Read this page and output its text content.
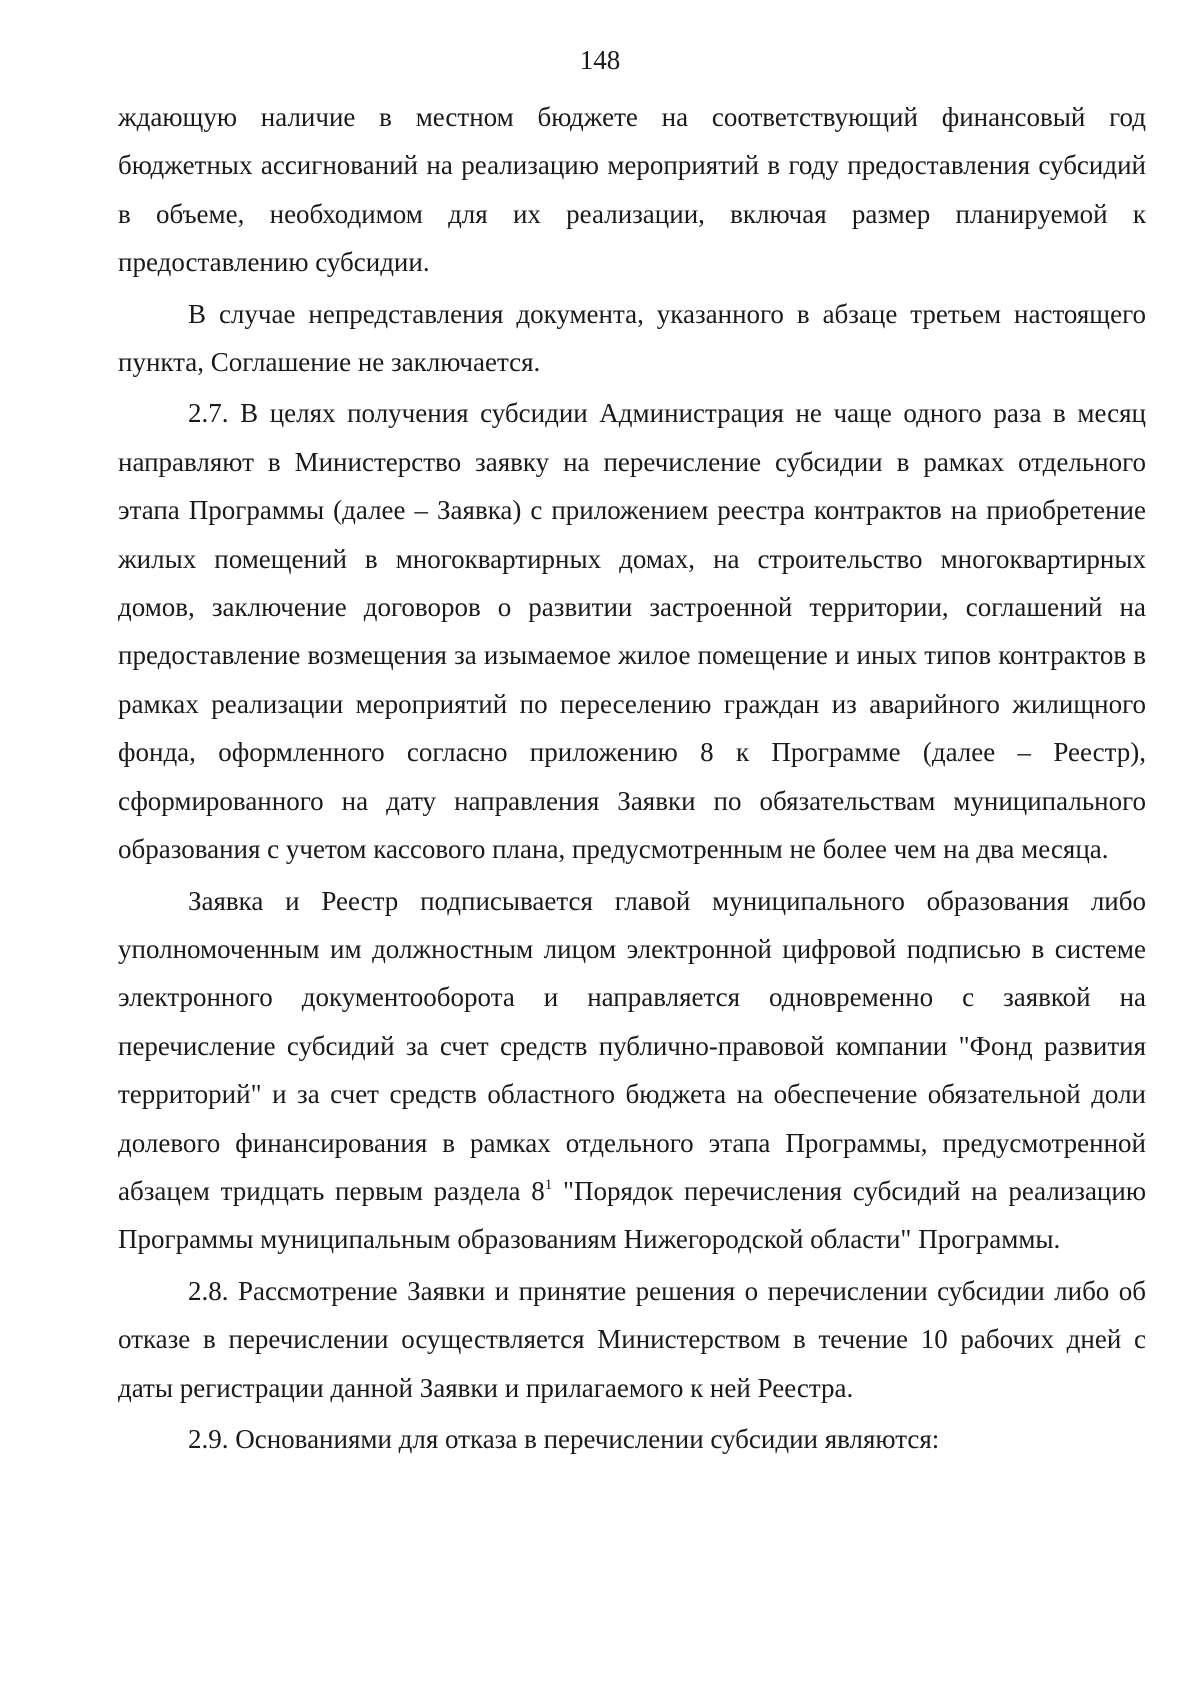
148

ждающую наличие в местном бюджете на соответствующий финансовый год бюджетных ассигнований на реализацию мероприятий в году предоставления субсидий в объеме, необходимом для их реализации, включая размер планируемой к предоставлению субсидии.

В случае непредставления документа, указанного в абзаце третьем настоящего пункта, Соглашение не заключается.

2.7. В целях получения субсидии Администрация не чаще одного раза в месяц направляют в Министерство заявку на перечисление субсидии в рамках отдельного этапа Программы (далее – Заявка) с приложением реестра контрактов на приобретение жилых помещений в многоквартирных домах, на строительство многоквартирных домов, заключение договоров о развитии застроенной территории, соглашений на предоставление возмещения за изымаемое жилое помещение и иных типов контрактов в рамках реализации мероприятий по переселению граждан из аварийного жилищного фонда, оформленного согласно приложению 8 к Программе (далее – Реестр), сформированного на дату направления Заявки по обязательствам муниципального образования с учетом кассового плана, предусмотренным не более чем на два месяца.

Заявка и Реестр подписывается главой муниципального образования либо уполномоченным им должностным лицом электронной цифровой подписью в системе электронного документооборота и направляется одновременно с заявкой на перечисление субсидий за счет средств публично-правовой компании "Фонд развития территорий" и за счет средств областного бюджета на обеспечение обязательной доли долевого финансирования в рамках отдельного этапа Программы, предусмотренной абзацем тридцать первым раздела $8^1$ "Порядок перечисления субсидий на реализацию Программы муниципальным образованиям Нижегородской области" Программы.

2.8. Рассмотрение Заявки и принятие решения о перечислении субсидии либо об отказе в перечислении осуществляется Министерством в течение 10 рабочих дней с даты регистрации данной Заявки и прилагаемого к ней Реестра.

2.9. Основаниями для отказа в перечислении субсидии являются:
